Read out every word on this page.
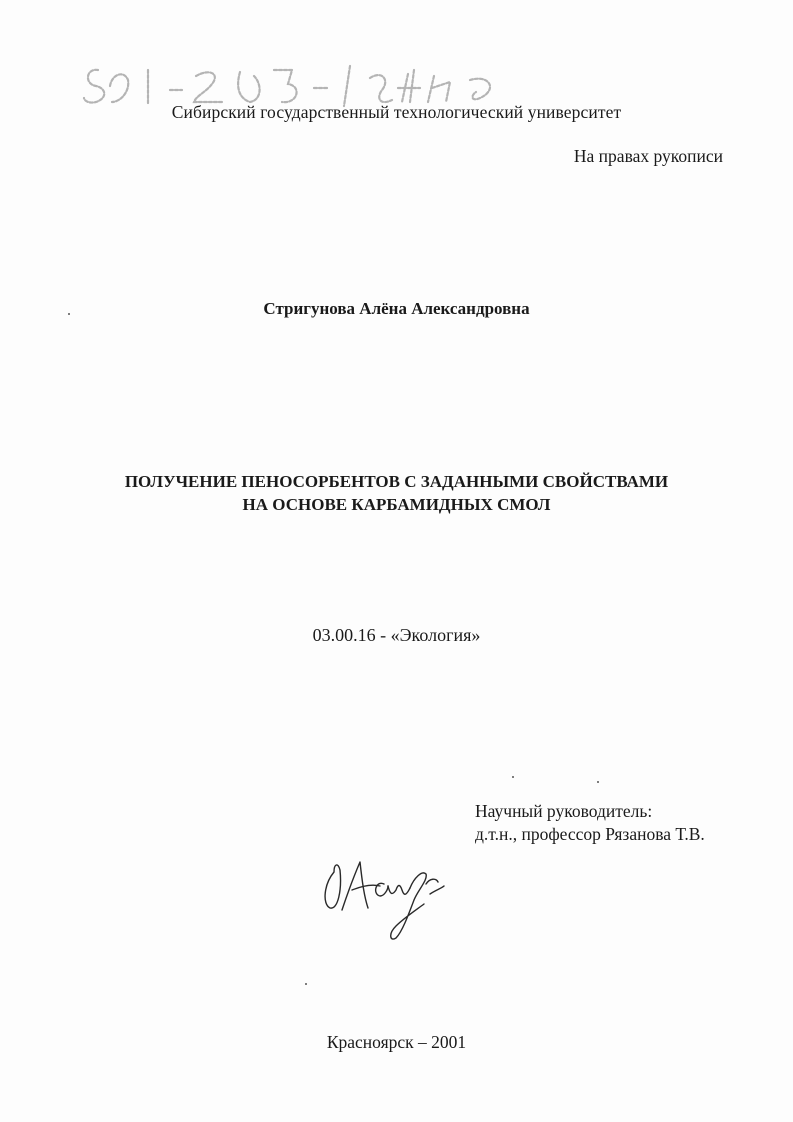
Сибирский государственный технологический университет
На правах рукописи
Стригунова Алёна Александровна
ПОЛУЧЕНИЕ ПЕНОСОРБЕНТОВ С ЗАДАННЫМИ СВОЙСТВАМИ
НА ОСНОВЕ КАРБАМИДНЫХ СМОЛ
03.00.16 - «Экология»
Научный руководитель:
д.т.н., профессор Рязанова Т.В.
Красноярск – 2001
